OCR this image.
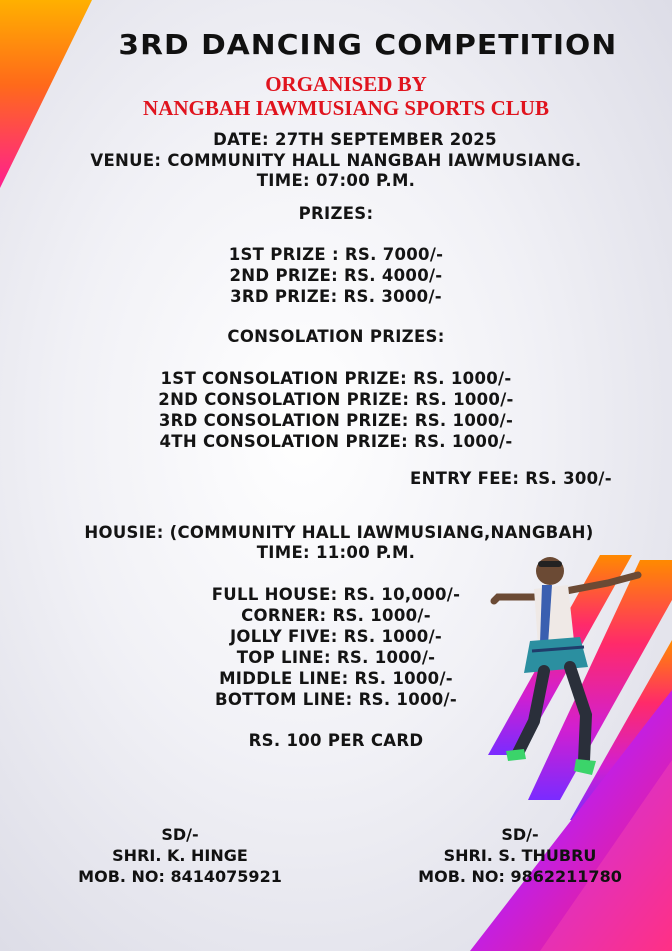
3RD DANCING COMPETITION
ORGANISED BY
NANGBAH IAWMUSIANG SPORTS CLUB
DATE: 27TH SEPTEMBER 2025
VENUE: COMMUNITY HALL NANGBAH IAWMUSIANG.
TIME: 07:00 P.M.
PRIZES:
1ST PRIZE : RS. 7000/-
2ND PRIZE: RS. 4000/-
3RD PRIZE: RS. 3000/-
CONSOLATION PRIZES:
1ST CONSOLATION PRIZE: RS. 1000/-
2ND CONSOLATION PRIZE: RS. 1000/-
3RD CONSOLATION PRIZE: RS. 1000/-
4TH CONSOLATION PRIZE: RS. 1000/-
ENTRY FEE: RS. 300/-
HOUSIE: (COMMUNITY HALL IAWMUSIANG,NANGBAH)
TIME: 11:00 P.M.
FULL HOUSE: RS. 10,000/-
CORNER: RS. 1000/-
JOLLY FIVE: RS. 1000/-
TOP LINE: RS. 1000/-
MIDDLE LINE: RS. 1000/-
BOTTOM LINE: RS. 1000/-
RS. 100 PER CARD
SD/-
SHRI. K. HINGE
MOB. NO: 8414075921
SD/-
SHRI. S. THUBRU
MOB. NO: 9862211780
